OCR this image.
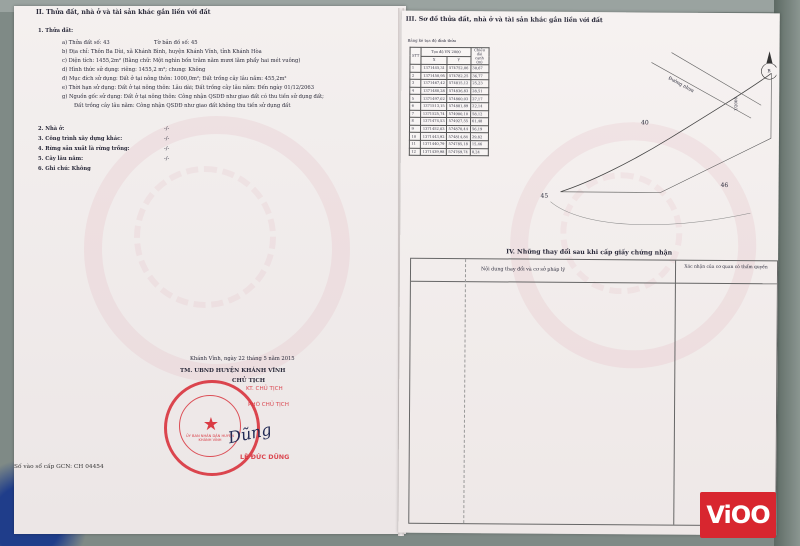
II. Thửa đất, nhà ở và tài sản khác gắn liền với đất
1. Thửa đất:
a) Thửa đất số: 43	Tờ bản đồ số: 45
b) Địa chỉ: Thôn Ba Dùi, xã Khánh Bình, huyện Khánh Vĩnh, tỉnh Khánh Hòa
c) Diện tích: 1455,2m² (Bằng chữ: Một nghìn bốn trăm năm mươi lăm phẩy hai mét vuông)
d) Hình thức sử dụng: riêng: 1455,2 m²; chung: Không
đ) Mục đích sử dụng: Đất ở tại nông thôn: 1000,0m²; Đất trồng cây lâu năm: 455,2m²
e) Thời hạn sử dụng: Đất ở tại nông thôn: Lâu dài; Đất trồng cây lâu năm: Đến ngày 01/12/2063
g) Nguồn gốc sử dụng: Đất ở tại nông thôn: Công nhận QSDĐ như giao đất có thu tiền sử dụng đất;
Đất trồng cây lâu năm: Công nhận QSDĐ như giao đất không thu tiền sử dụng đất
2. Nhà ở:	-/-
3. Công trình xây dựng khác:	-/-
4. Rừng sản xuất là rừng trồng:	-/-
5. Cây lâu năm:	-/-
6. Ghi chú: Không
Khánh Vĩnh, ngày 22 tháng 5 năm 2015
TM. UBND HUYỆN KHÁNH VĨNH
CHỦ TỊCH
KT. CHỦ TỊCH
PHÓ CHỦ TỊCH
★
ỦY BAN NHÂN DÂN HUYỆN KHÁNH VĨNH Dũng
LÊ ĐỨC DŨNG
Số vào sổ cấp GCN: CH 04454
III. Sơ đồ thửa đất, nhà ở và tài sản khác gắn liền với đất
Bảng kê tọa độ đỉnh thửa
STT	Tọa độ VN 2000		Chiều dài cạnh (m)
	X	Y	
1	1371445,31	574752,06	30,67
2	1371450,95	574782,25	36,77
3	1371467,42	574815,12	25,23
4	1371480,28	574836,83	28,51
5	1371497,02	574860,03	27,17
6	1371513,15	574881,89	22,14
7	1371525,74	574900,10	58,12
8	1371474,53	574927,55	61,48
9	1371452,03	574870,44	56,19
10	1371443,92	574814,84	29,82
11	1371440,79	574785,18	15,46
12	1371439,98	574769,74	8,24
Đường nhựa
40
46
45
B
1/2000
IV. Những thay đổi sau khi cấp giấy chứng nhận
Nội dung thay đổi và cơ sở pháp lý	Xác nhận của cơ quan có thẩm quyền
ViOO
